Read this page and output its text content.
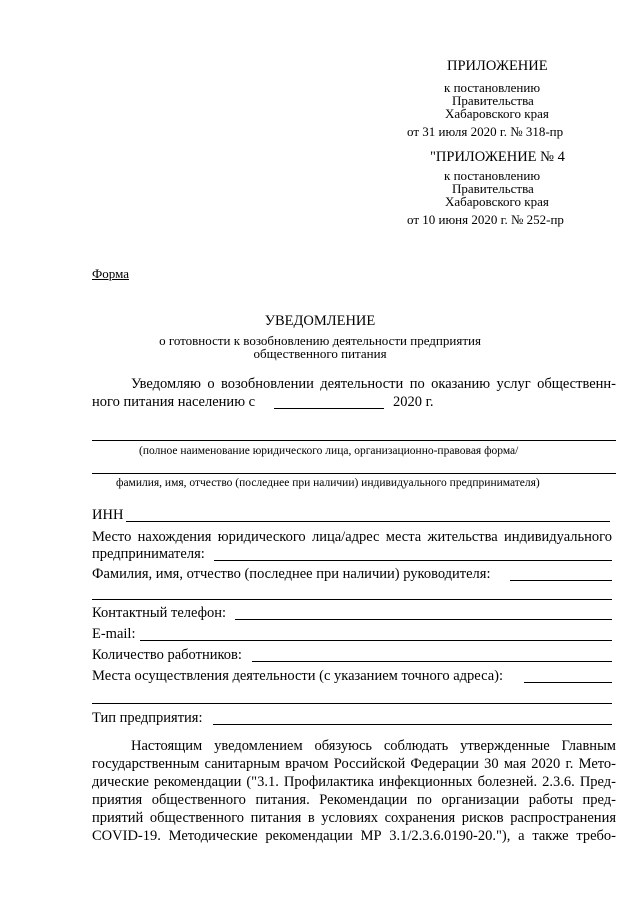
ПРИЛОЖЕНИЕ
к постановлению
Правительства
Хабаровского края
от 31 июля 2020 г. № 318-пр
"ПРИЛОЖЕНИЕ № 4
к постановлению
Правительства
Хабаровского края
от 10 июня 2020 г. № 252-пр
Форма
УВЕДОМЛЕНИЕ
о готовности к возобновлению деятельности предприятия
общественного питания
Уведомляю о возобновлении деятельности по оказанию услуг общественн-
ного питания населению с	2020 г.
(полное наименование юридического лица, организационно-правовая форма/
фамилия, имя, отчество (последнее при наличии) индивидуального предпринимателя)
ИНН
Место нахождения юридического лица/адрес места жительства индивидуального
предпринимателя:
Фамилия, имя, отчество (последнее при наличии) руководителя:
Контактный телефон:
E-mail:
Количество работников:
Места осуществления деятельности (с указанием точного адреса):
Тип предприятия:
Настоящим уведомлением обязуюсь соблюдать утвержденные Главным
государственным санитарным врачом Российской Федерации 30 мая 2020 г. Мето-
дические рекомендации ("3.1. Профилактика инфекционных болезней. 2.3.6. Пред-
приятия общественного питания. Рекомендации по организации работы пред-
приятий общественного питания в условиях сохранения рисков распространения
COVID-19. Методические рекомендации МР 3.1/2.3.6.0190-20."), а также требо-
